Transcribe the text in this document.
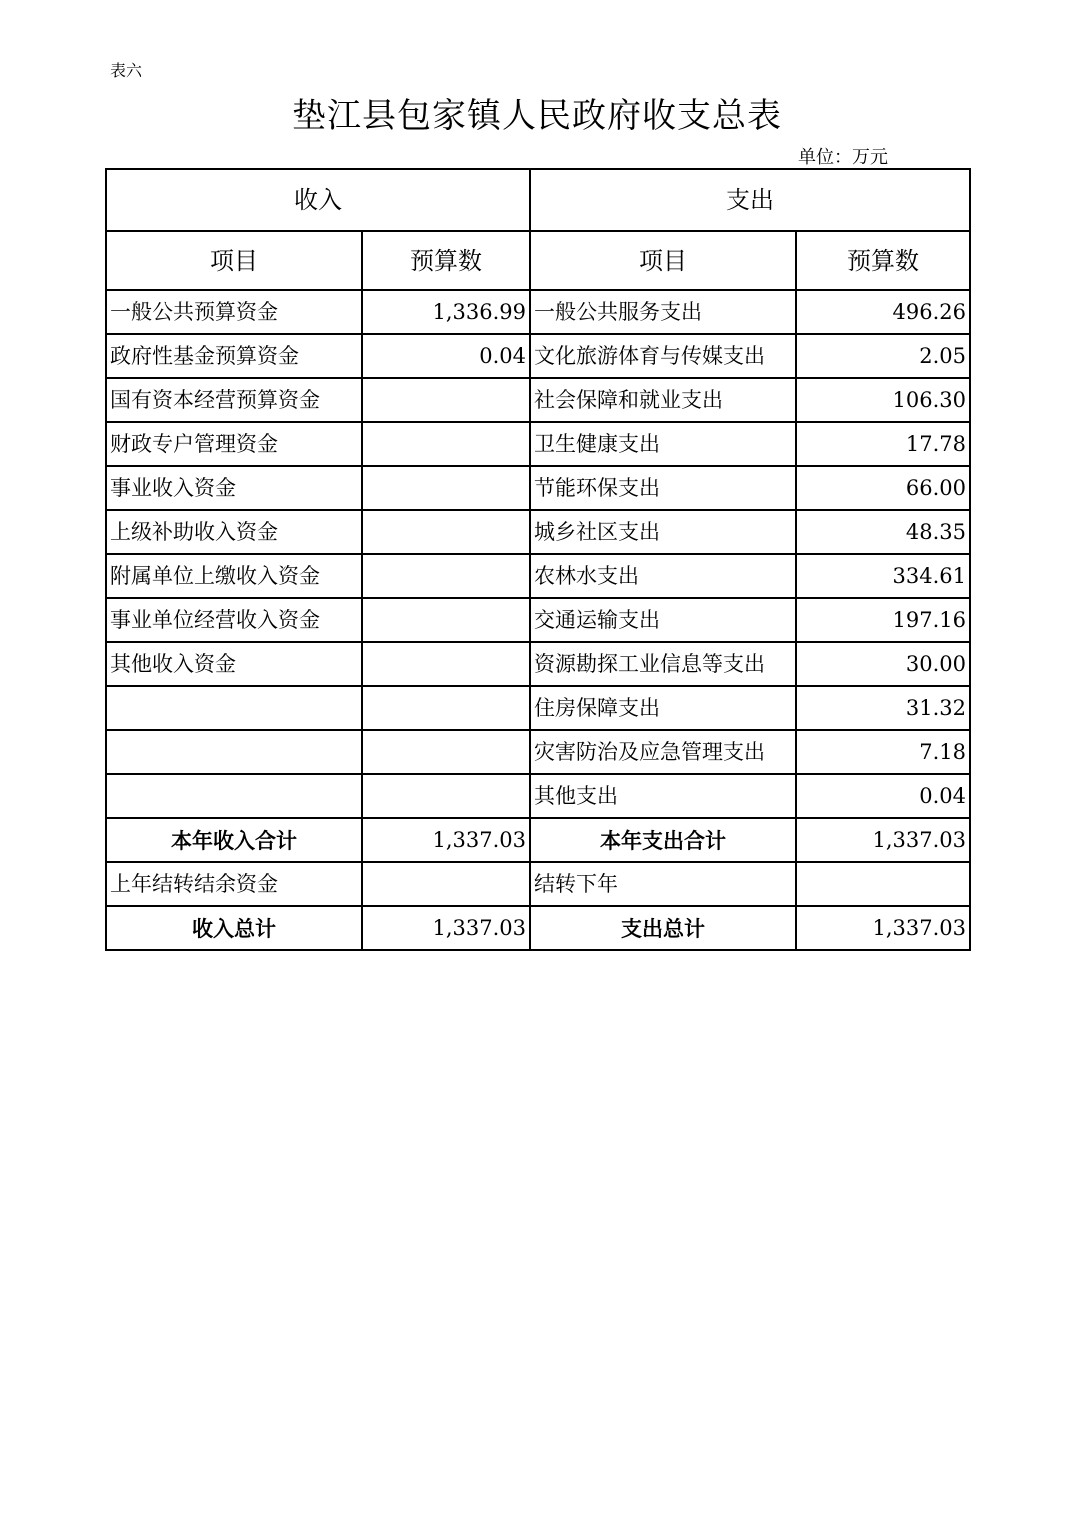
表六
垫江县包家镇人民政府收支总表
单位：万元
收入		支出	
项目	预算数	项目	预算数
一般公共预算资金	1,336.99	一般公共服务支出	496.26
政府性基金预算资金	0.04	文化旅游体育与传媒支出	2.05
国有资本经营预算资金		社会保障和就业支出	106.30
财政专户管理资金		卫生健康支出	17.78
事业收入资金		节能环保支出	66.00
上级补助收入资金		城乡社区支出	48.35
附属单位上缴收入资金		农林水支出	334.61
事业单位经营收入资金		交通运输支出	197.16
其他收入资金		资源勘探工业信息等支出	30.00
		住房保障支出	31.32
		灾害防治及应急管理支出	7.18
		其他支出	0.04
本年收入合计	1,337.03	本年支出合计	1,337.03
上年结转结余资金		结转下年	
收入总计	1,337.03	支出总计	1,337.03
